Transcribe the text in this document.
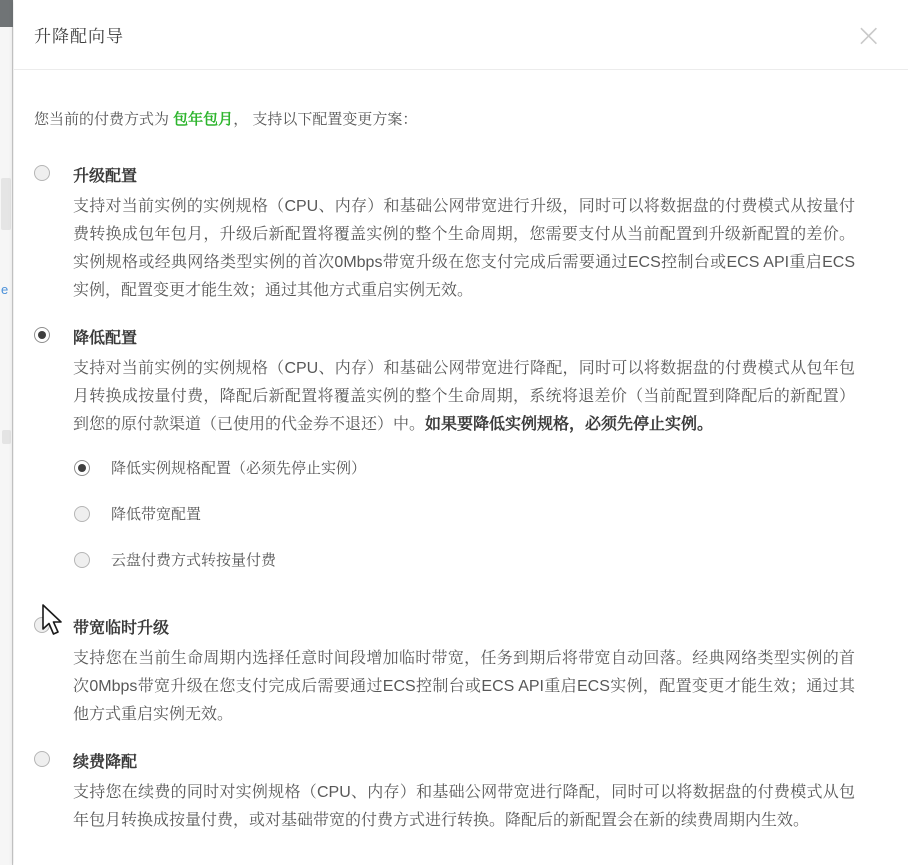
e
升降配向导	×

您当前的付费方式为 包年包月， 支持以下配置变更方案：

升级配置
支持对当前实例的实例规格（CPU、内存）和基础公网带宽进行升级，同时可以将数据盘的付费模式从按量付费转换成包年包月，升级后新配置将覆盖实例的整个生命周期，您需要支付从当前配置到升级新配置的差价。实例规格或经典网络类型实例的首次0Mbps带宽升级在您支付完成后需要通过ECS控制台或ECS API重启ECS实例，配置变更才能生效；通过其他方式重启实例无效。
降低配置
支持对当前实例的实例规格（CPU、内存）和基础公网带宽进行降配，同时可以将数据盘的付费模式从包年包月转换成按量付费，降配后新配置将覆盖实例的整个生命周期，系统将退差价（当前配置到降配后的新配置）到您的原付款渠道（已使用的代金券不退还）中。如果要降低实例规格，必须先停止实例。
降低实例规格配置（必须先停止实例）
降低带宽配置
云盘付费方式转按量付费
带宽临时升级
支持您在当前生命周期内选择任意时间段增加临时带宽，任务到期后将带宽自动回落。经典网络类型实例的首次0Mbps带宽升级在您支付完成后需要通过ECS控制台或ECS API重启ECS实例，配置变更才能生效；通过其他方式重启实例无效。
续费降配
支持您在续费的同时对实例规格（CPU、内存）和基础公网带宽进行降配，同时可以将数据盘的付费模式从包年包月转换成按量付费，或对基础带宽的付费方式进行转换。降配后的新配置会在新的续费周期内生效。
